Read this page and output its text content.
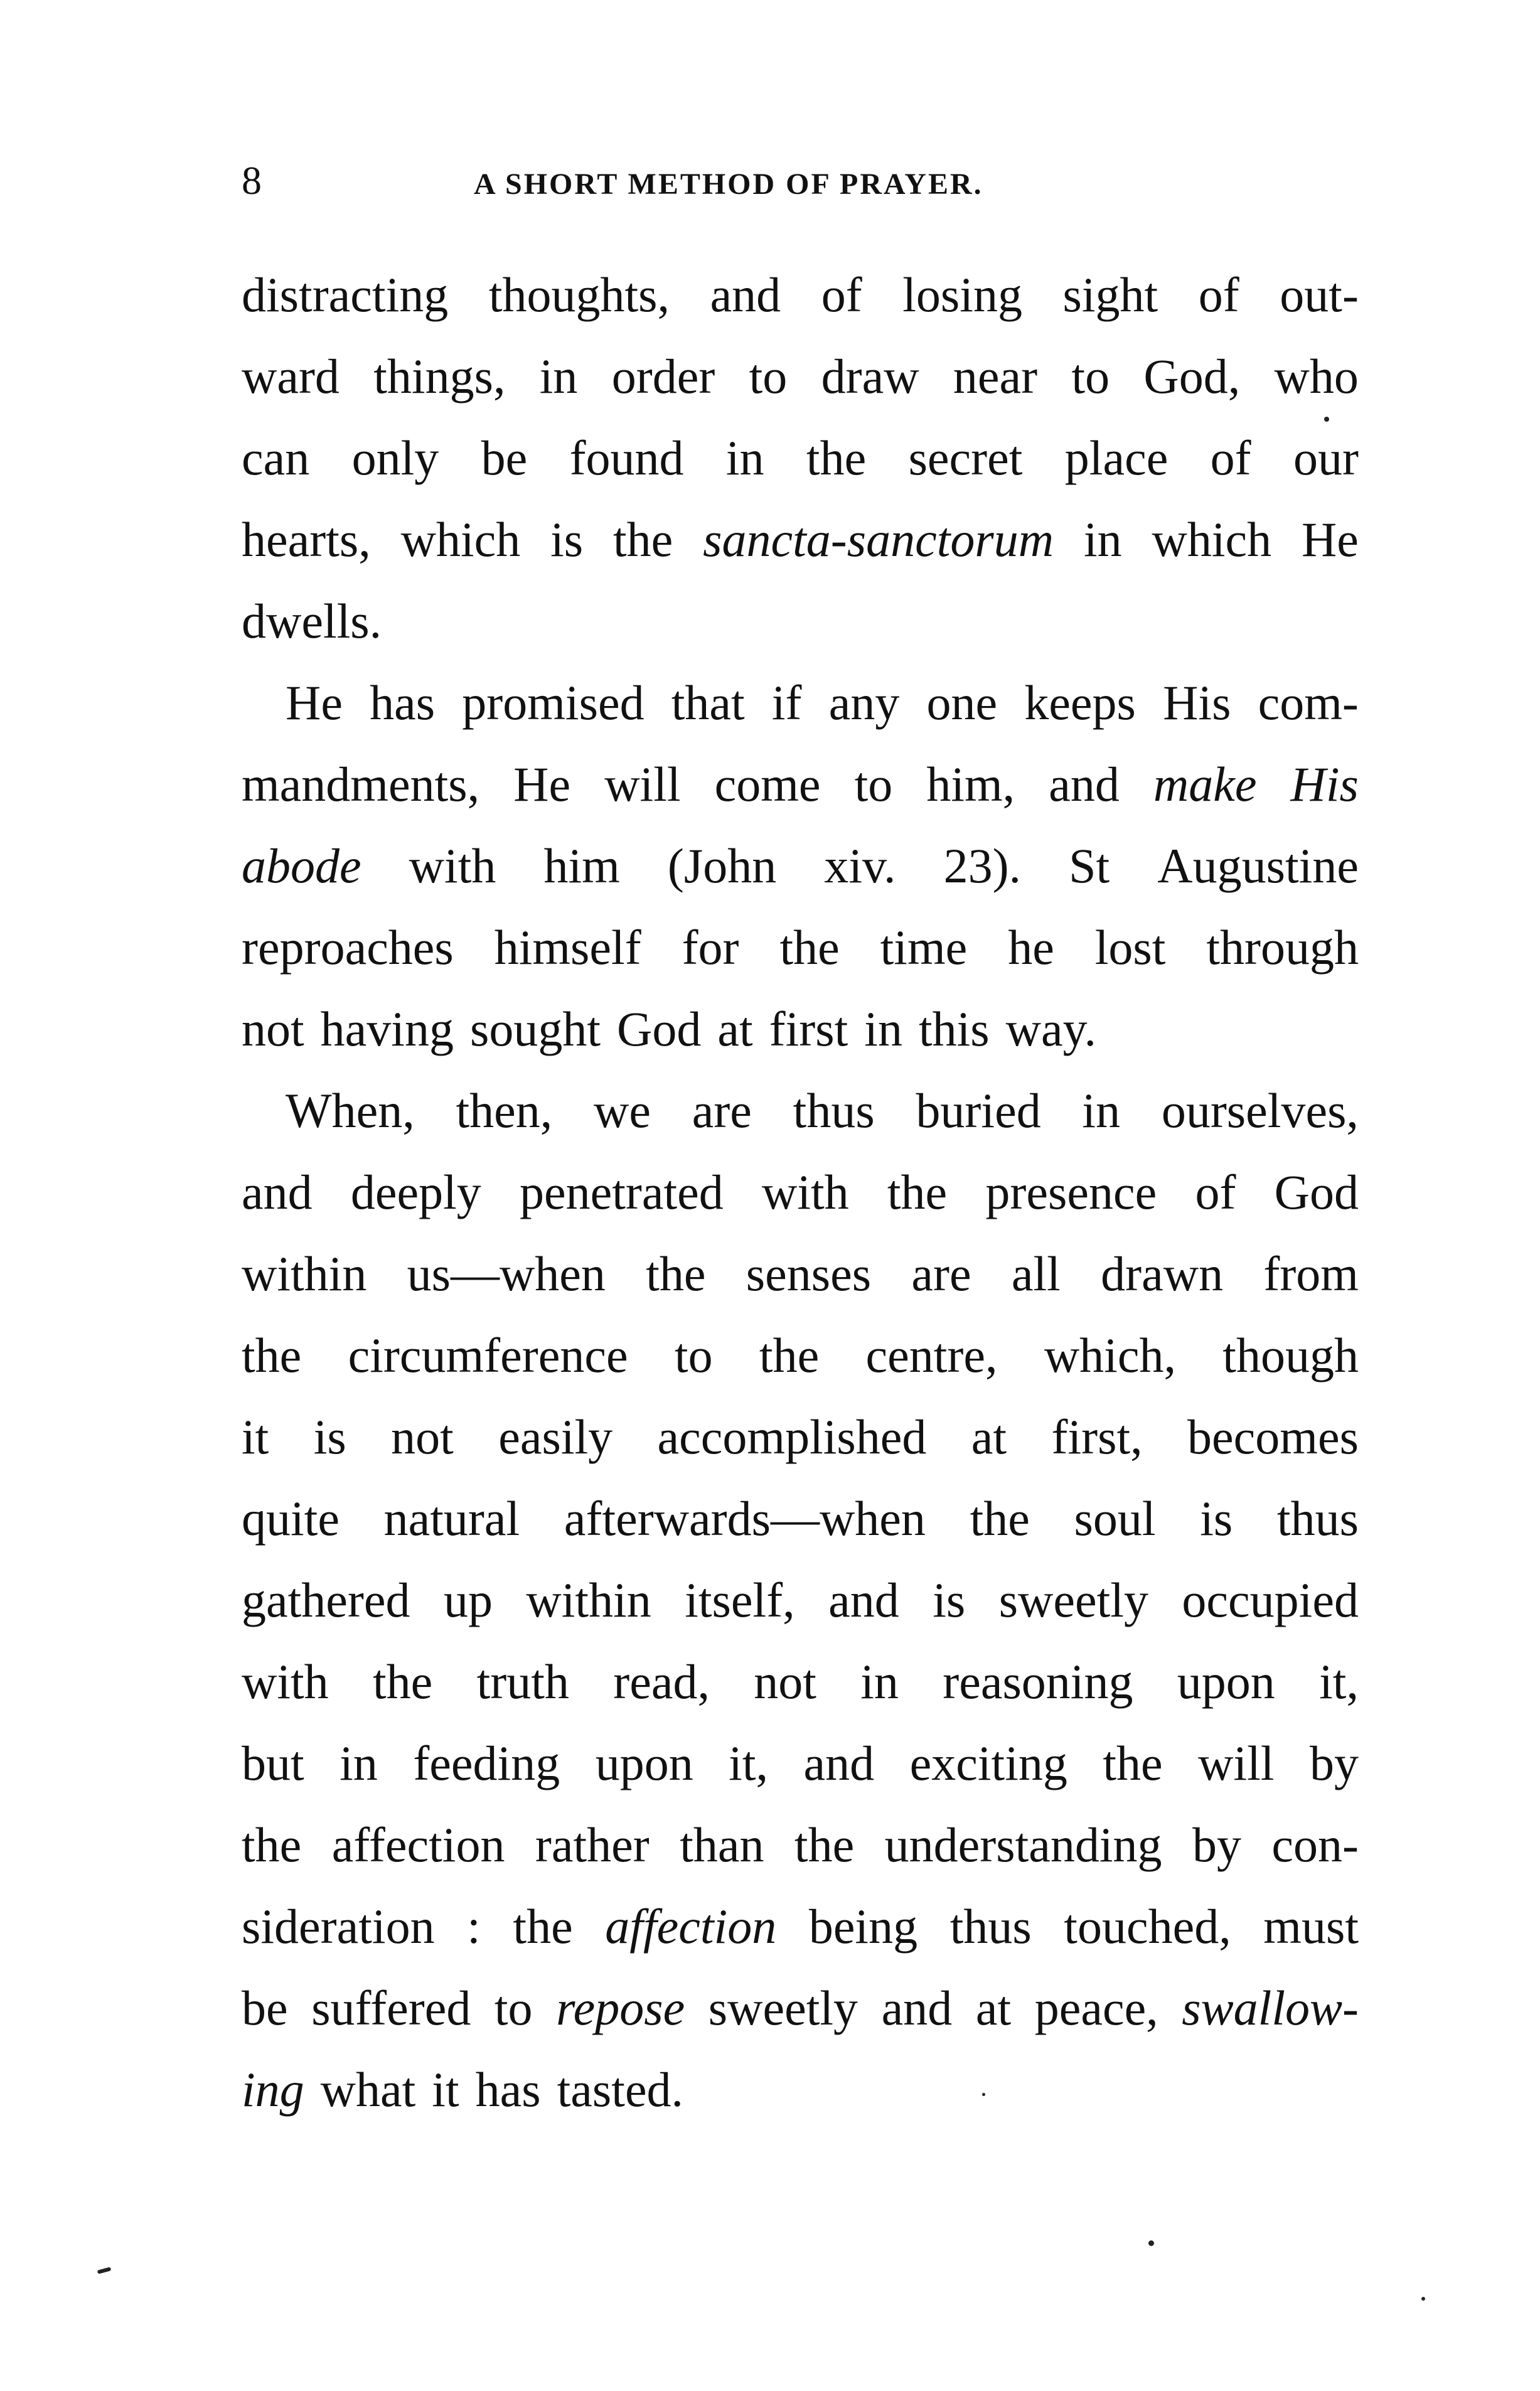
8	A SHORT METHOD OF PRAYER.
distracting thoughts, and of losing sight of out-
ward things, in order to draw near to God, who
can only be found in the secret place of our
hearts, which is the sancta-sanctorum in which He
dwells.
He has promised that if any one keeps His com-
mandments, He will come to him, and make His
abode with him (John xiv. 23). St Augustine
reproaches himself for the time he lost through
not having sought God at first in this way.
When, then, we are thus buried in ourselves,
and deeply penetrated with the presence of God
within us—when the senses are all drawn from
the circumference to the centre, which, though
it is not easily accomplished at first, becomes
quite natural afterwards—when the soul is thus
gathered up within itself, and is sweetly occupied
with the truth read, not in reasoning upon it,
but in feeding upon it, and exciting the will by
the affection rather than the understanding by con-
sideration : the affection being thus touched, must
be suffered to repose sweetly and at peace, swallow-
ing what it has tasted.
